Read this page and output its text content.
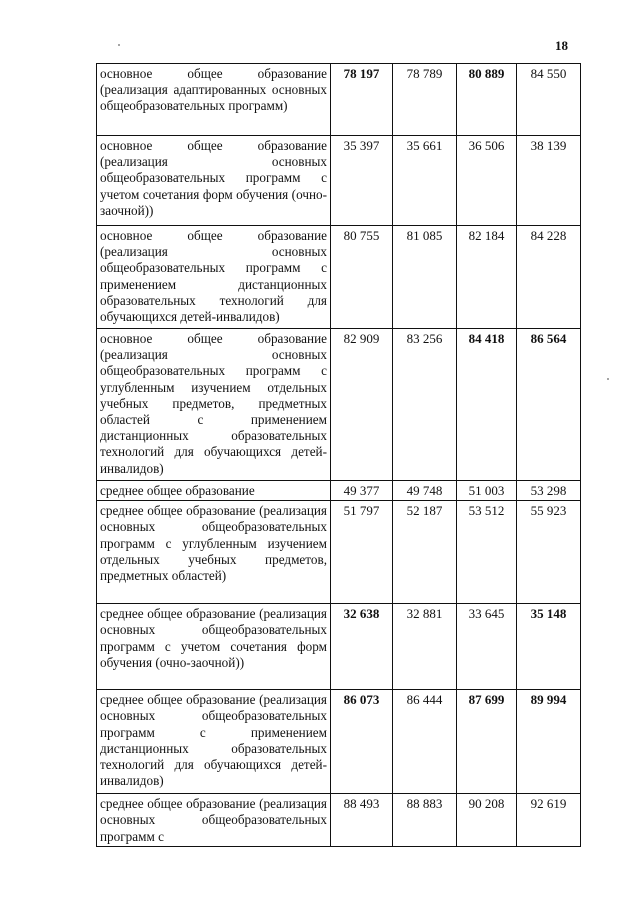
18
основное общее образование (реализация адаптированных основных общеобразовательных программ)	78 197	78 789	80 889	84 550
основное общее образование (реализация основных общеобразовательных программ с учетом сочетания форм обучения (очно-заочной))	35 397	35 661	36 506	38 139
основное общее образование (реализация основных общеобразовательных программ с применением дистанционных образовательных технологий для обучающихся детей-инвалидов)	80 755	81 085	82 184	84 228
основное общее образование (реализация основных общеобразовательных программ с углубленным изучением отдельных учебных предметов, предметных областей с применением дистанционных образовательных технологий для обучающихся детей-инвалидов)	82 909	83 256	84 418	86 564
среднее общее образование	49 377	49 748	51 003	53 298
среднее общее образование (реализация основных общеобразовательных программ с углубленным изучением отдельных учебных предметов, предметных областей)	51 797	52 187	53 512	55 923
среднее общее образование (реализация основных общеобразовательных программ с учетом сочетания форм обучения (очно-заочной))	32 638	32 881	33 645	35 148
среднее общее образование (реализация основных общеобразовательных программ с применением дистанционных образовательных технологий для обучающихся детей-инвалидов)	86 073	86 444	87 699	89 994
среднее общее образование (реализация основных общеобразовательных программ с	88 493	88 883	90 208	92 619
